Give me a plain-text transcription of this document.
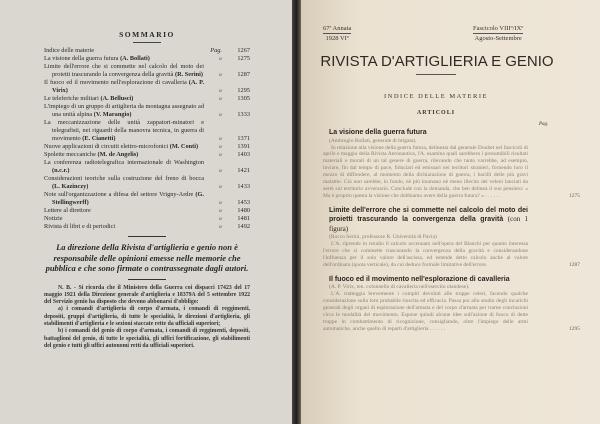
SOMMARIO
Indice delle materie	Pag. 1267
La visione della guerra futura (A. Bollati)	» 1275
Limite dell'errore che si commette nel calcolo del moto dei proietti trascurando la convergenza della gravità (R. Serini)	» 1287
Il fuoco ed il movimento nell'esplorazione di cavalleria (A. P. Virix)	» 1295
Le teleferiche militari (A. Bellusci)	» 1305
L'impiego di un gruppo di artiglieria da montagna assegnato ad una unità alpina (V. Marangio)	» 1333
La meccanizzazione delle unità zappatori-minatori e telegrafisti, nei riguardi della manovra tecnica, in guerra di movimento (E. Cianetti)	» 1371
Nuove applicazioni di circuiti elettro-microfonici (M. Conti)	» 1391
Spolette meccaniche (M. de Angelis)	» 1403
La conferenza radiotelegrafica internazionale di Washington (n.c.r.)	» 1421
Considerazioni teoriche sulla costruzione del freno di bocca (L. Kazinczy)	» 1433
Note sull'organizzazione a difesa del settore Vrigny-Ardre (G. Stellingwerff)	» 1453
Lettere al direttore	» 1480
Notizie	» 1481
Rivista di libri e di periodici	» 1492
La direzione della Rivista d'artiglieria e genio non è responsabile delle opinioni emesse nelle memorie che pubblica e che sono firmate o contrassegnate dagli autori.

N. B. - Si ricorda che il Ministero della Guerra coi dispacci 17423 del 17 maggio 1921 della Direzione generale d'artiglieria e 18379A del 5 settembre 1922 del Servizio genio ha disposto che devono abbonarsi d'obbligo:

a) i comandi d'artiglieria di corpo d'armata, i comandi di reggimenti, depositi, gruppi d'artiglieria, di tutte le specialità, le direzioni d'artiglieria, gli stabilimenti d'artiglieria e le sezioni staccate rette da ufficiali superiori;

b) i comandi del genio di corpo d'armata, i comandi di reggimenti, depositi, battaglioni del genio, di tutte le specialità, gli uffici fortificazione, gli stabilimenti del genio e tutti gli uffici autonomi retti da ufficiali superiori.

67ª Annata
1928 VIº
Fascicolo VIIIº/IXº
Agosto-Settembre
RIVISTA D'ARTIGLIERIA E GENIO
INDICE DELLE MATERIE
ARTICOLI
Pag.
La visione della guerra futura
(Ambrogio Bollati, generale di brigata).
In relazione alla visione della guerra futura, delineata dal generale Douhet nei fascicoli di aprile e maggio della Rivista Aeronautica, l'A. esamina quali sarebbero i presumibili risultati materiali e morali di un tal genere di guerra, rilevando che tanto varrebbe, ad esempio, inviare, fin dal tempo di pace, fiduciari ed emissari nei territori stranieri, fornendo loro il mezzo di diffondere, al momento della dichiarazione di guerra, i bacilli delle più gravi malattie. Ciò non sarebbe, in fondo, nè più inumano nè meno illecito dei veleni lanciati da aerei sul territorio avversario. Conclude con la domanda, che ben delinea il suo pensiero: « Ma è proprio questa la visione che dobbiamo avere della guerra futura? » . . . . . .	1275
Limite dell'errore che si commette nel calcolo del moto dei proietti trascurando la convergenza della gravità (con 1 figura)
(Rocco Serini, professore R. Università di Pavia)
L'A. riprende in istudio il calcolo accennato nell'opera del Bianchi per quanto interessa l'errore che si commette trascurando la convergenza della gravità e considerandone l'influenza per il solo valore dell'ascissa, ed estende detto calcolo anche al valore dell'ordinata (quota verticale), da cui deduce formule limitative dell'errore.	1287
Il fuoco ed il movimento nell'esplorazione di cavalleria
(A. P. Virix, ten. colonnello di cavalleria nell'esercito olandese).
L'A. tratteggia brevemente i compiti devoluti alle truppe celeri, facendo qualche considerazione sulla loro probabile riuscita ed efficacia. Passa poi allo studio degli incarichi generali degli organi di esplorazione dell'armata e del corpo d'armata per trarne conclusioni circa le modalità del movimento. Espone quindi alcune idee sull'azione di fuoco di dette truppe in combattimento di ricognizione, consigliando, oltre l'impiego delle armi automatiche, anche quello di reparti d'artiglieria . . . . . .	1295
